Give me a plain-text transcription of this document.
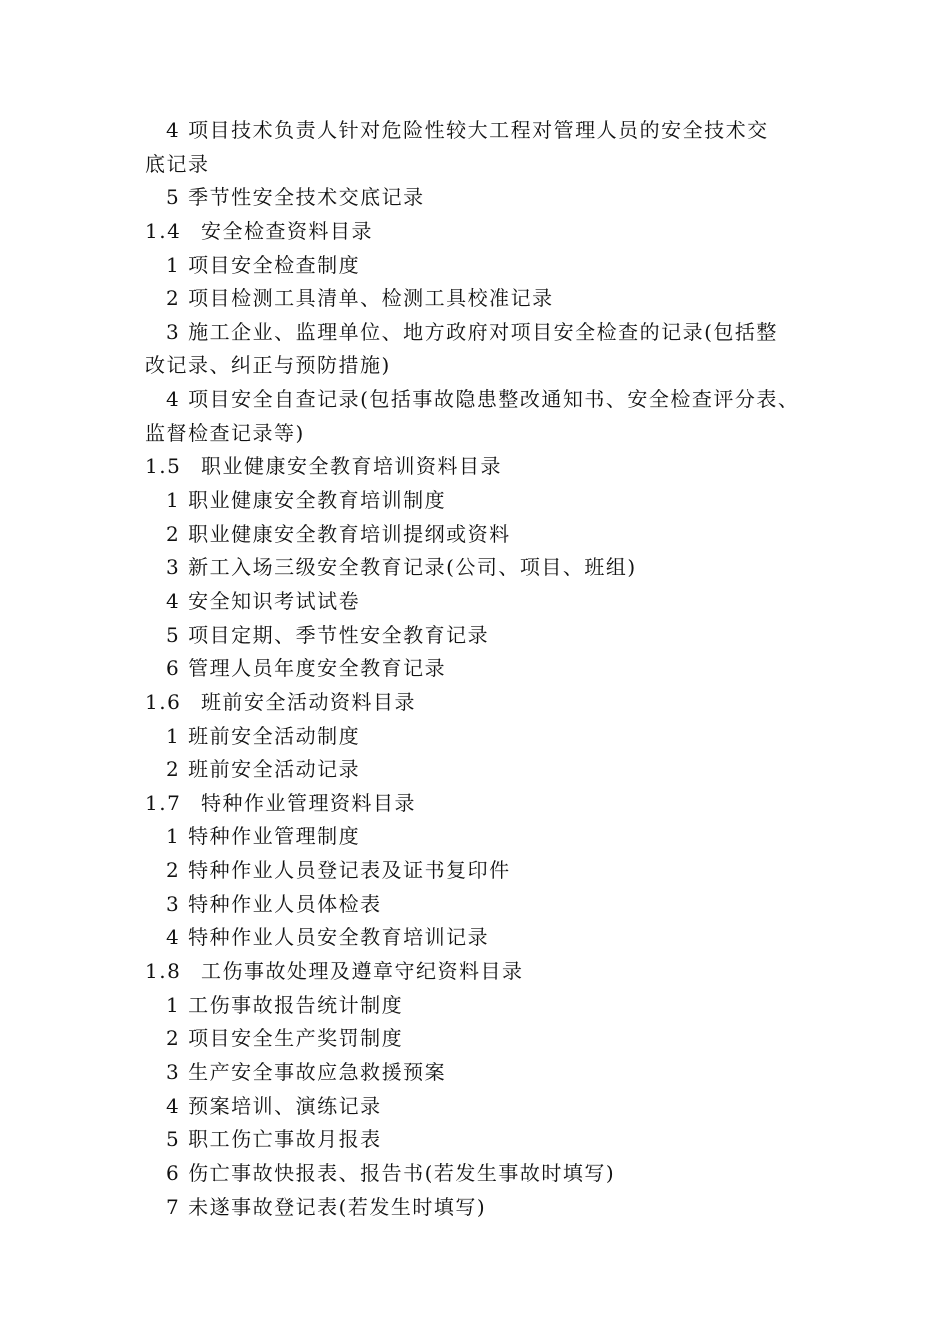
4 项目技术负责人针对危险性较大工程对管理人员的安全技术交
底记录
5 季节性安全技术交底记录
1.4 安全检查资料目录
1 项目安全检查制度
2 项目检测工具清单、检测工具校准记录
3 施工企业、监理单位、地方政府对项目安全检查的记录(包括整
改记录、纠正与预防措施)
4 项目安全自查记录(包括事故隐患整改通知书、安全检查评分表、
监督检查记录等)
1.5 职业健康安全教育培训资料目录
1 职业健康安全教育培训制度
2 职业健康安全教育培训提纲或资料
3 新工入场三级安全教育记录(公司、项目、班组)
4 安全知识考试试卷
5 项目定期、季节性安全教育记录
6 管理人员年度安全教育记录
1.6 班前安全活动资料目录
1 班前安全活动制度
2 班前安全活动记录
1.7 特种作业管理资料目录
1 特种作业管理制度
2 特种作业人员登记表及证书复印件
3 特种作业人员体检表
4 特种作业人员安全教育培训记录
1.8 工伤事故处理及遵章守纪资料目录
1 工伤事故报告统计制度
2 项目安全生产奖罚制度
3 生产安全事故应急救援预案
4 预案培训、演练记录
5 职工伤亡事故月报表
6 伤亡事故快报表、报告书(若发生事故时填写)
7 未遂事故登记表(若发生时填写)
